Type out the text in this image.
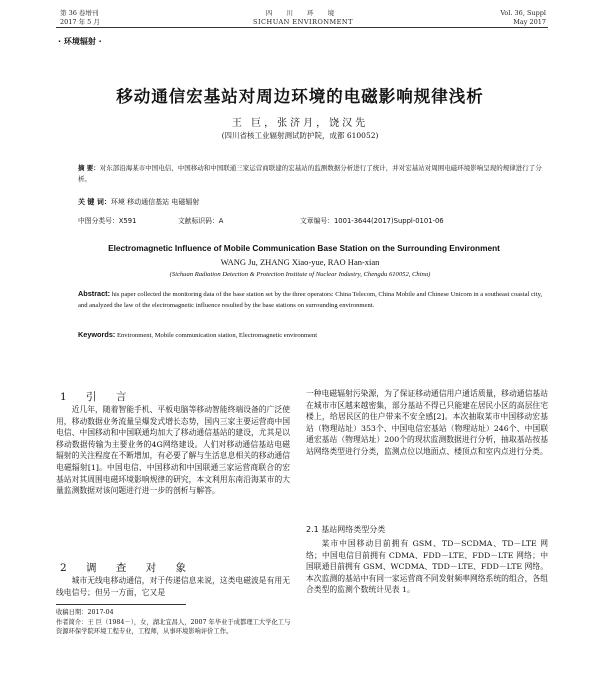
第 36 卷增刊	四 川 环 境	Vol. 36, Suppl
2017 年 5 月	SICHUAN ENVIRONMENT	May 2017
· 环境辐射 ·
移动通信宏基站对周边环境的电磁影响规律浅析
王 巨，张济月，饶汉先
(四川省核工业辐射测试防护院，成都 610052)
摘 要：对东部沿海某市中国电信、中国移动和中国联通三家运营商联建的宏基站的监测数据分析进行了统计，并对宏基站对周围电磁环境影响呈现的规律进行了分析。
关 键 词：环境 移动通信基站 电磁辐射
中图分类号：X591	文献标识码：A	文章编号：1001-3644(2017)Suppl-0101-06
Electromagnetic Influence of Mobile Communication Base Station on the Surrounding Environment
WANG Ju, ZHANG Xiao-yue, RAO Han-xian
(Sichuan Radiation Detection & Protection Institute of Nuclear Industry, Chengdu 610052, China)
Abstract: his paper collected the monitoring data of the base station set by the three operators: China Telecom, China Mobile and Chinese Unicom in a southeast coastal city, and analyzed the law of the electromagnetic influence resulted by the base stations on surrounding environment.
Keywords: Environment, Mobile communication station, Electromagnetic environment
1 引 言

近几年，随着智能手机、平板电脑等移动智能终端设备的广泛使用，移动数据业务流量呈爆发式增长态势，国内三家主要运营商中国电信、中国移动和中国联通均加大了移动通信基站的建设，尤其是以移动数据传输为主要业务的4G网络建设。人们对移动通信基站电磁辐射的关注程度在不断增加，有必要了解与生活息息相关的移动通信电磁辐射[1]。中国电信、中国移动和中国联通三家运营商联合的宏基站对其周围电磁环境影响规律的研究，本文利用东南沿海某市的大量监测数据对该问题进行进一步的剖析与解答。

2 调 查 对 象

城市无线电移动通信，对于传递信息来说，这类电磁波是有用无线电信号；但另一方面，它又是

收稿日期：2017-04
作者简介：王 巨（1984－），女，湖北宜昌人，2007 年毕业于成都理工大学化工与资源环保学院环境工程专业，工程师，从事环境影响评价工作。

一种电磁辐射污染源，为了保证移动通信用户通话质量，移动通信基站在城市市区越来越密集，部分基站不得已只能建在居民小区的高层住宅楼上，给居民区的住户带来不安全感[2]。本次抽取某市中国移动宏基站（物理站址）353个、中国电信宏基站（物理站址）246个、中国联通宏基站（物理站址）200个的现状监测数据进行分析，抽取基站按基站网络类型进行分类，监测点位以地面点、楼顶点和室内点进行分类。

2.1 基站网络类型分类

某市中国移动目前拥有 GSM、TD－SCDMA、TD－LTE 网络；中国电信目前拥有 CDMA、FDD－LTE、FDD－LTE 网络；中国联通目前拥有 GSM、WCDMA、TDD－LTE、FDD－LTE 网络。本次监测的基站中有同一家运营商不同发射频率网络系统的组合，各组合类型的监测个数统计见表 1。
